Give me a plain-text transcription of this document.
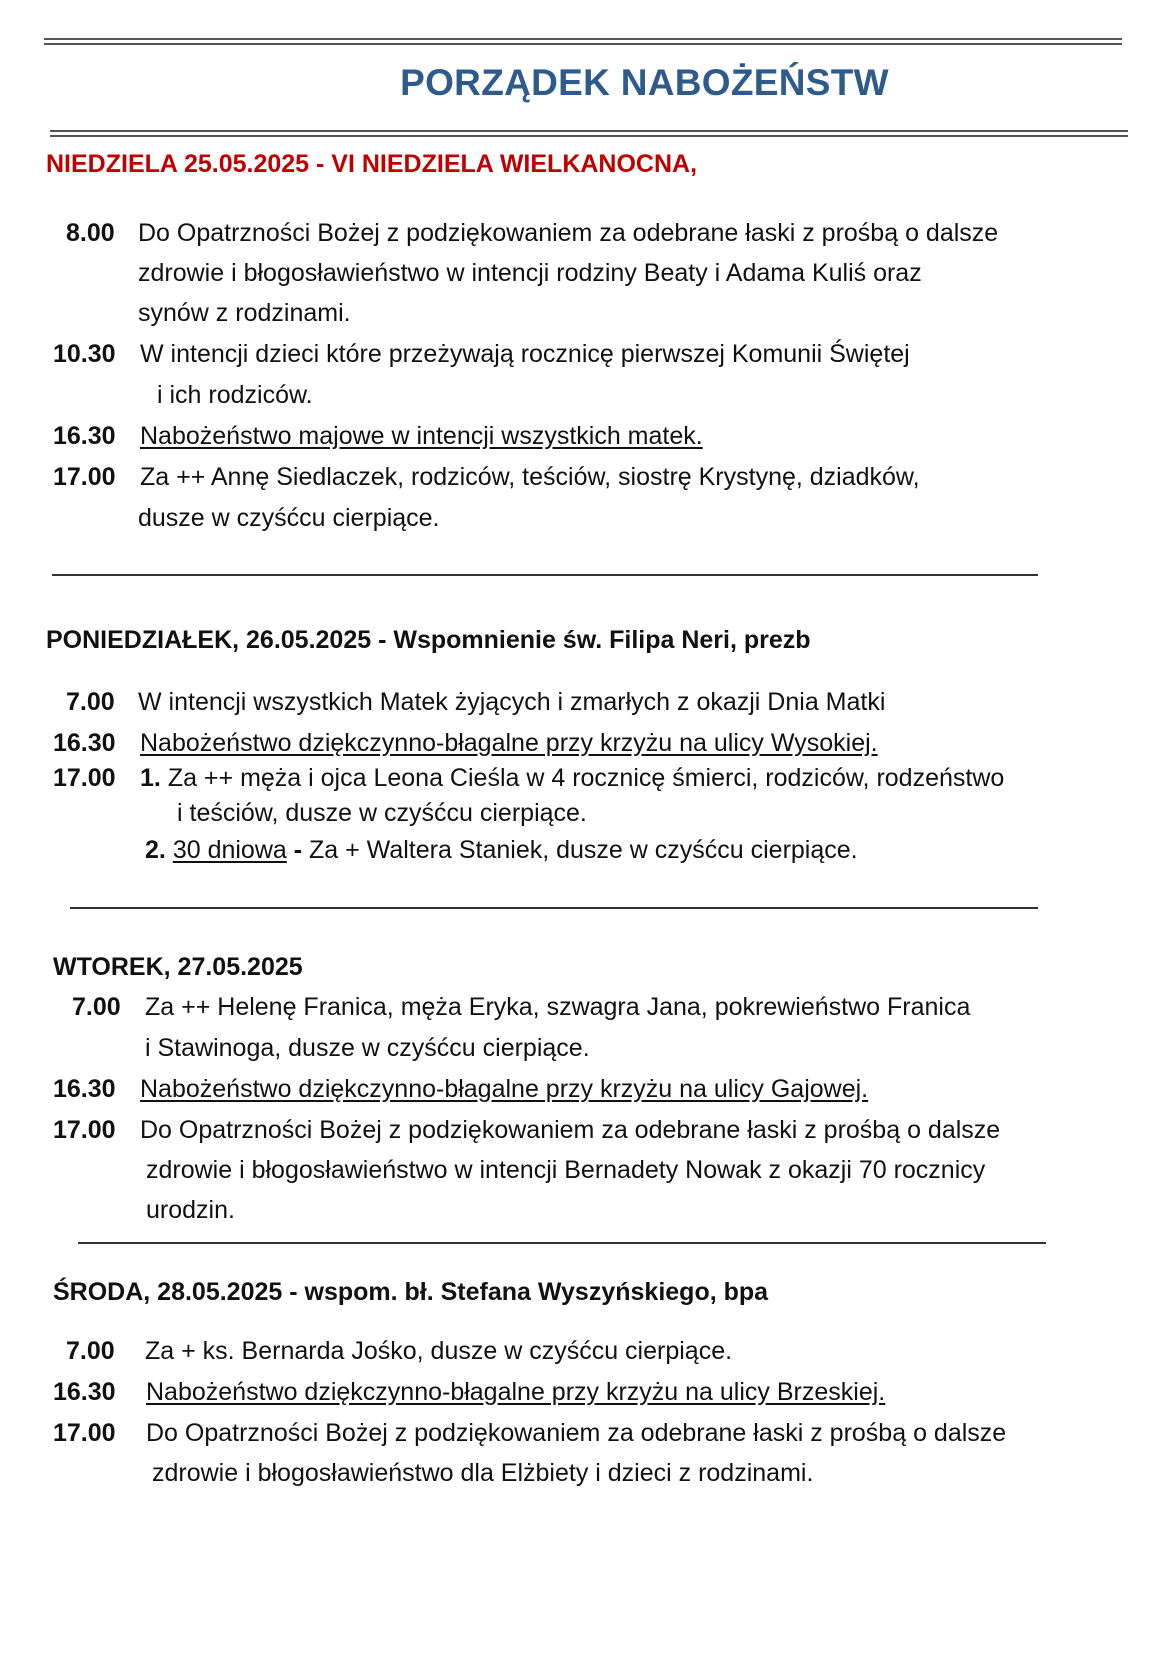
PORZĄDEK NABOŻEŃSTW
NIEDZIELA 25.05.2025 - VI NIEDZIELA WIELKANOCNA,
8.00 Do Opatrzności Bożej z podziękowaniem za odebrane łaski z prośbą o dalsze
zdrowie i błogosławieństwo w intencji rodziny Beaty i Adama Kuliś oraz
synów z rodzinami.
10.30 W intencji dzieci które przeżywają rocznicę pierwszej Komunii Świętej
i ich rodziców.
16.30 Nabożeństwo majowe w intencji wszystkich matek.
17.00 Za ++ Annę Siedlaczek, rodziców, teściów, siostrę Krystynę, dziadków,
dusze w czyśćcu cierpiące.
PONIEDZIAŁEK, 26.05.2025 - Wspomnienie św. Filipa Neri, prezb
7.00 W intencji wszystkich Matek żyjących i zmarłych z okazji Dnia Matki
16.30 Nabożeństwo dziękczynno-błagalne przy krzyżu na ulicy Wysokiej.
17.00 1. Za ++ męża i ojca Leona Cieśla w 4 rocznicę śmierci, rodziców, rodzeństwo
i teściów, dusze w czyśćcu cierpiące.
2. 30 dniowa - Za + Waltera Staniek, dusze w czyśćcu cierpiące.
WTOREK, 27.05.2025
7.00 Za ++ Helenę Franica, męża Eryka, szwagra Jana, pokrewieństwo Franica
i Stawinoga, dusze w czyśćcu cierpiące.
16.30 Nabożeństwo dziękczynno-błagalne przy krzyżu na ulicy Gajowej.
17.00 Do Opatrzności Bożej z podziękowaniem za odebrane łaski z prośbą o dalsze
zdrowie i błogosławieństwo w intencji Bernadety Nowak z okazji 70 rocznicy
urodzin.
ŚRODA, 28.05.2025 - wspom. bł. Stefana Wyszyńskiego, bpa
7.00 Za + ks. Bernarda Jośko, dusze w czyśćcu cierpiące.
16.30 Nabożeństwo dziękczynno-błagalne przy krzyżu na ulicy Brzeskiej.
17.00 Do Opatrzności Bożej z podziękowaniem za odebrane łaski z prośbą o dalsze
zdrowie i błogosławieństwo dla Elżbiety i dzieci z rodzinami.
